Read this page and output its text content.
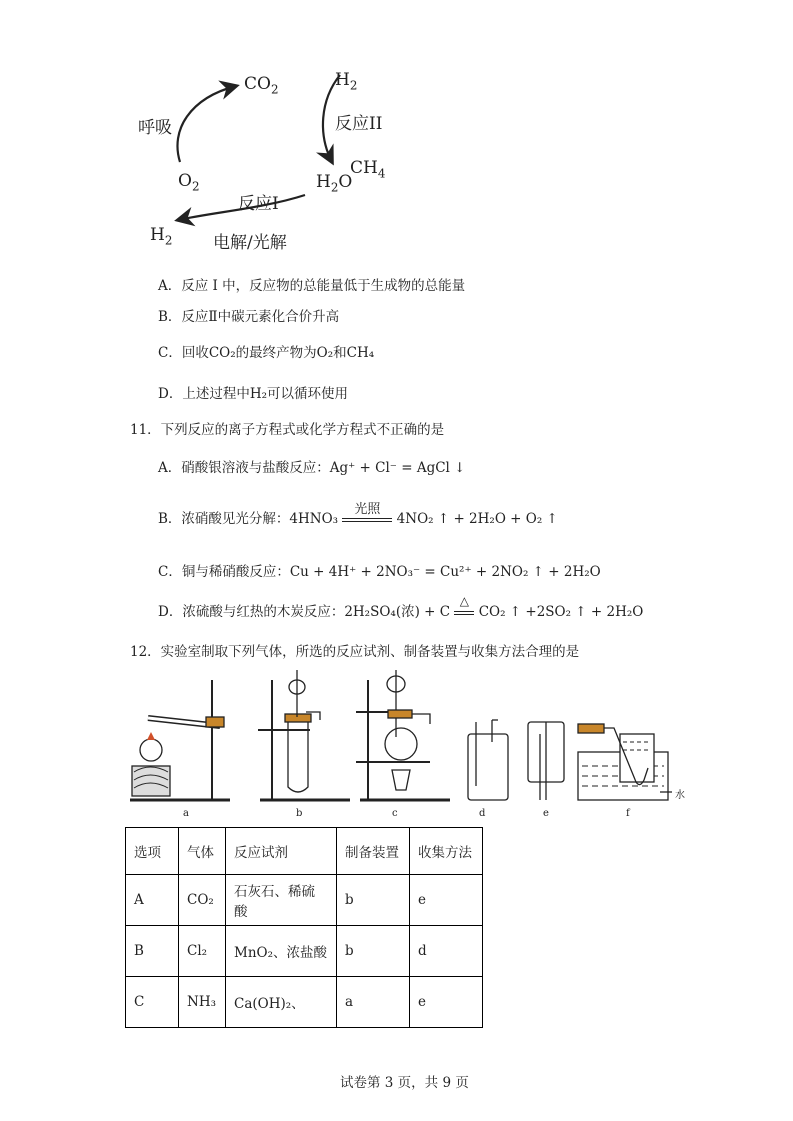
$CO_2$	$H_2$
反应II
$CH_4$
$H_2O$
呼吸
$O_2$
反应I
$H_2$ 电解/光解
A．反应 I 中，反应物的总能量低于生成物的总能量
B．反应Ⅱ中碳元素化合价升高
C．回收CO₂的最终产物为O₂和CH₄
D．上述过程中H₂可以循环使用
11．下列反应的离子方程式或化学方程式不正确的是
A．硝酸银溶液与盐酸反应：Ag⁺ + Cl⁻ = AgCl ↓
B．浓硝酸见光分解：4HNO₃
光照
4NO₂ ↑ + 2H₂O + O₂ ↑
C．铜与稀硝酸反应：Cu + 4H⁺ + 2NO₃⁻ = Cu²⁺ + 2NO₂ ↑ + 2H₂O
D．浓硫酸与红热的木炭反应：2H₂SO₄(浓) + C
△
CO₂ ↑ +2SO₂ ↑ + 2H₂O
12．实验室制取下列气体，所选的反应试剂、制备装置与收集方法合理的是
a	b	c	d	e	f
水
选项	气体	反应试剂	制备装置	收集方法
A	CO₂	石灰石、稀硫酸	b	e
B	Cl₂	MnO₂、浓盐酸	b	d
C	NH₃	Ca(OH)₂、	a	e
试卷第 3 页，共 9 页
